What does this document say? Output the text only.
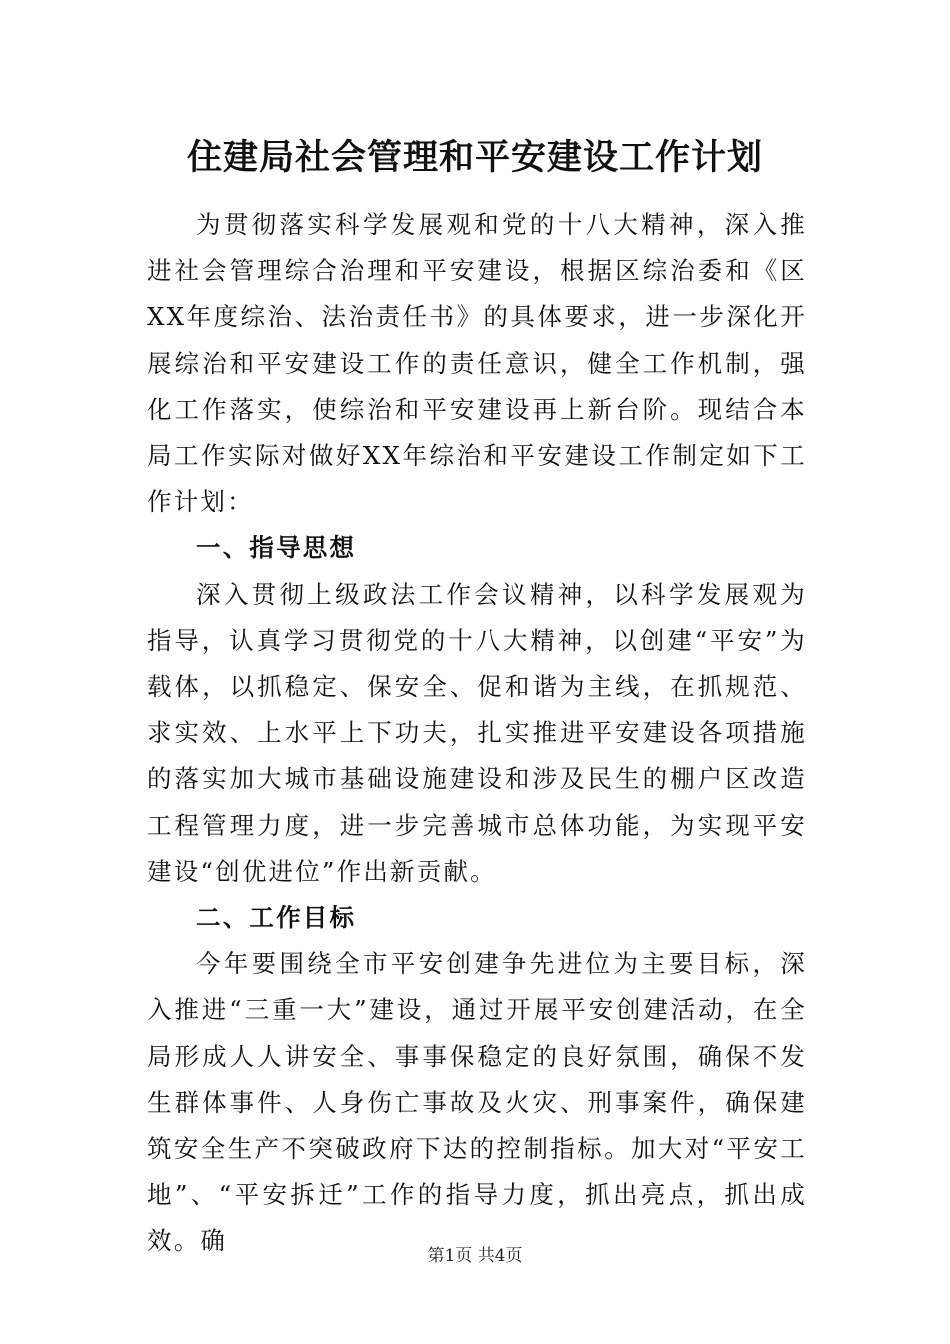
住建局社会管理和平安建设工作计划

为贯彻落实科学发展观和党的十八大精神，深入推进社会管理综合治理和平安建设，根据区综治委和《区XX年度综治、法治责任书》的具体要求，进一步深化开展综治和平安建设工作的责任意识，健全工作机制，强化工作落实，使综治和平安建设再上新台阶。现结合本局工作实际对做好XX年综治和平安建设工作制定如下工作计划：

一、指导思想

深入贯彻上级政法工作会议精神，以科学发展观为指导，认真学习贯彻党的十八大精神，以创建“平安”为载体，以抓稳定、保安全、促和谐为主线，在抓规范、求实效、上水平上下功夫，扎实推进平安建设各项措施的落实加大城市基础设施建设和涉及民生的棚户区改造工程管理力度，进一步完善城市总体功能，为实现平安建设“创优进位”作出新贡献。

二、工作目标

今年要围绕全市平安创建争先进位为主要目标，深入推进“三重一大”建设，通过开展平安创建活动，在全局形成人人讲安全、事事保稳定的良好氛围，确保不发生群体事件、人身伤亡事故及火灾、刑事案件，确保建筑安全生产不突破政府下达的控制指标。加大对“平安工地”、“平安拆迁”工作的指导力度，抓出亮点，抓出成效。确

第1页 共4页
